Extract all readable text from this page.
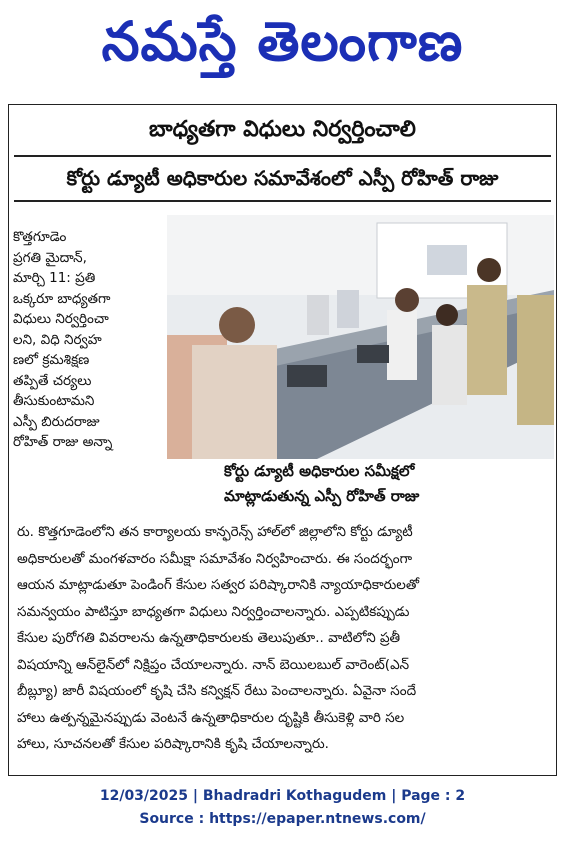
నమస్తే తెలంగాణ
బాధ్యతగా విధులు నిర్వర్తించాలి
కోర్టు డ్యూటీ అధికారుల సమావేశంలో ఎస్పీ రోహిత్ రాజు
కొత్తగూడెం
ప్రగతి మైదాన్,
మార్చి 11: ప్రతి
ఒక్కరూ బాధ్యతగా
విధులు నిర్వర్తించా
లని, విధి నిర్వహ
ణలో క్రమశిక్షణ
తప్పితే చర్యలు
తీసుకుంటామని
ఎస్పీ బిరుదరాజు
రోహిత్ రాజు అన్నా
కోర్టు డ్యూటీ అధికారుల సమీక్షలో
మాట్లాడుతున్న ఎస్పీ రోహిత్ రాజు
రు. కొత్తగూడెంలోని తన కార్యాలయ కాన్ఫరెన్స్ హాల్‌లో జిల్లాలోని కోర్టు డ్యూటీ
అధికారులతో మంగళవారం సమీక్షా సమావేశం నిర్వహించారు. ఈ సందర్భంగా
ఆయన మాట్లాడుతూ పెండింగ్ కేసుల సత్వర పరిష్కారానికి న్యాయాధికారులతో
సమన్వయం పాటిస్తూ బాధ్యతగా విధులు నిర్వర్తించాలన్నారు. ఎప్పటికప్పుడు
కేసుల పురోగతి వివరాలను ఉన్నతాధికారులకు తెలుపుతూ.. వాటిలోని ప్రతీ
విషయాన్ని ఆన్‌లైన్‌లో నిక్షిప్తం చేయాలన్నారు. నాన్ బెయిలబుల్ వారెంట్(ఎన్
బీబ్ల్యూ) జారీ విషయంలో కృషి చేసి కన్విక్షన్ రేటు పెంచాలన్నారు. ఏవైనా సందే
హాలు ఉత్పన్నమైనప్పుడు వెంటనే ఉన్నతాధికారుల దృష్టికి తీసుకెళ్లి వారి సల
హాలు, సూచనలతో కేసుల పరిష్కారానికి కృషి చేయాలన్నారు.
12/03/2025 | Bhadradri Kothagudem | Page : 2
Source : https://epaper.ntnews.com/
